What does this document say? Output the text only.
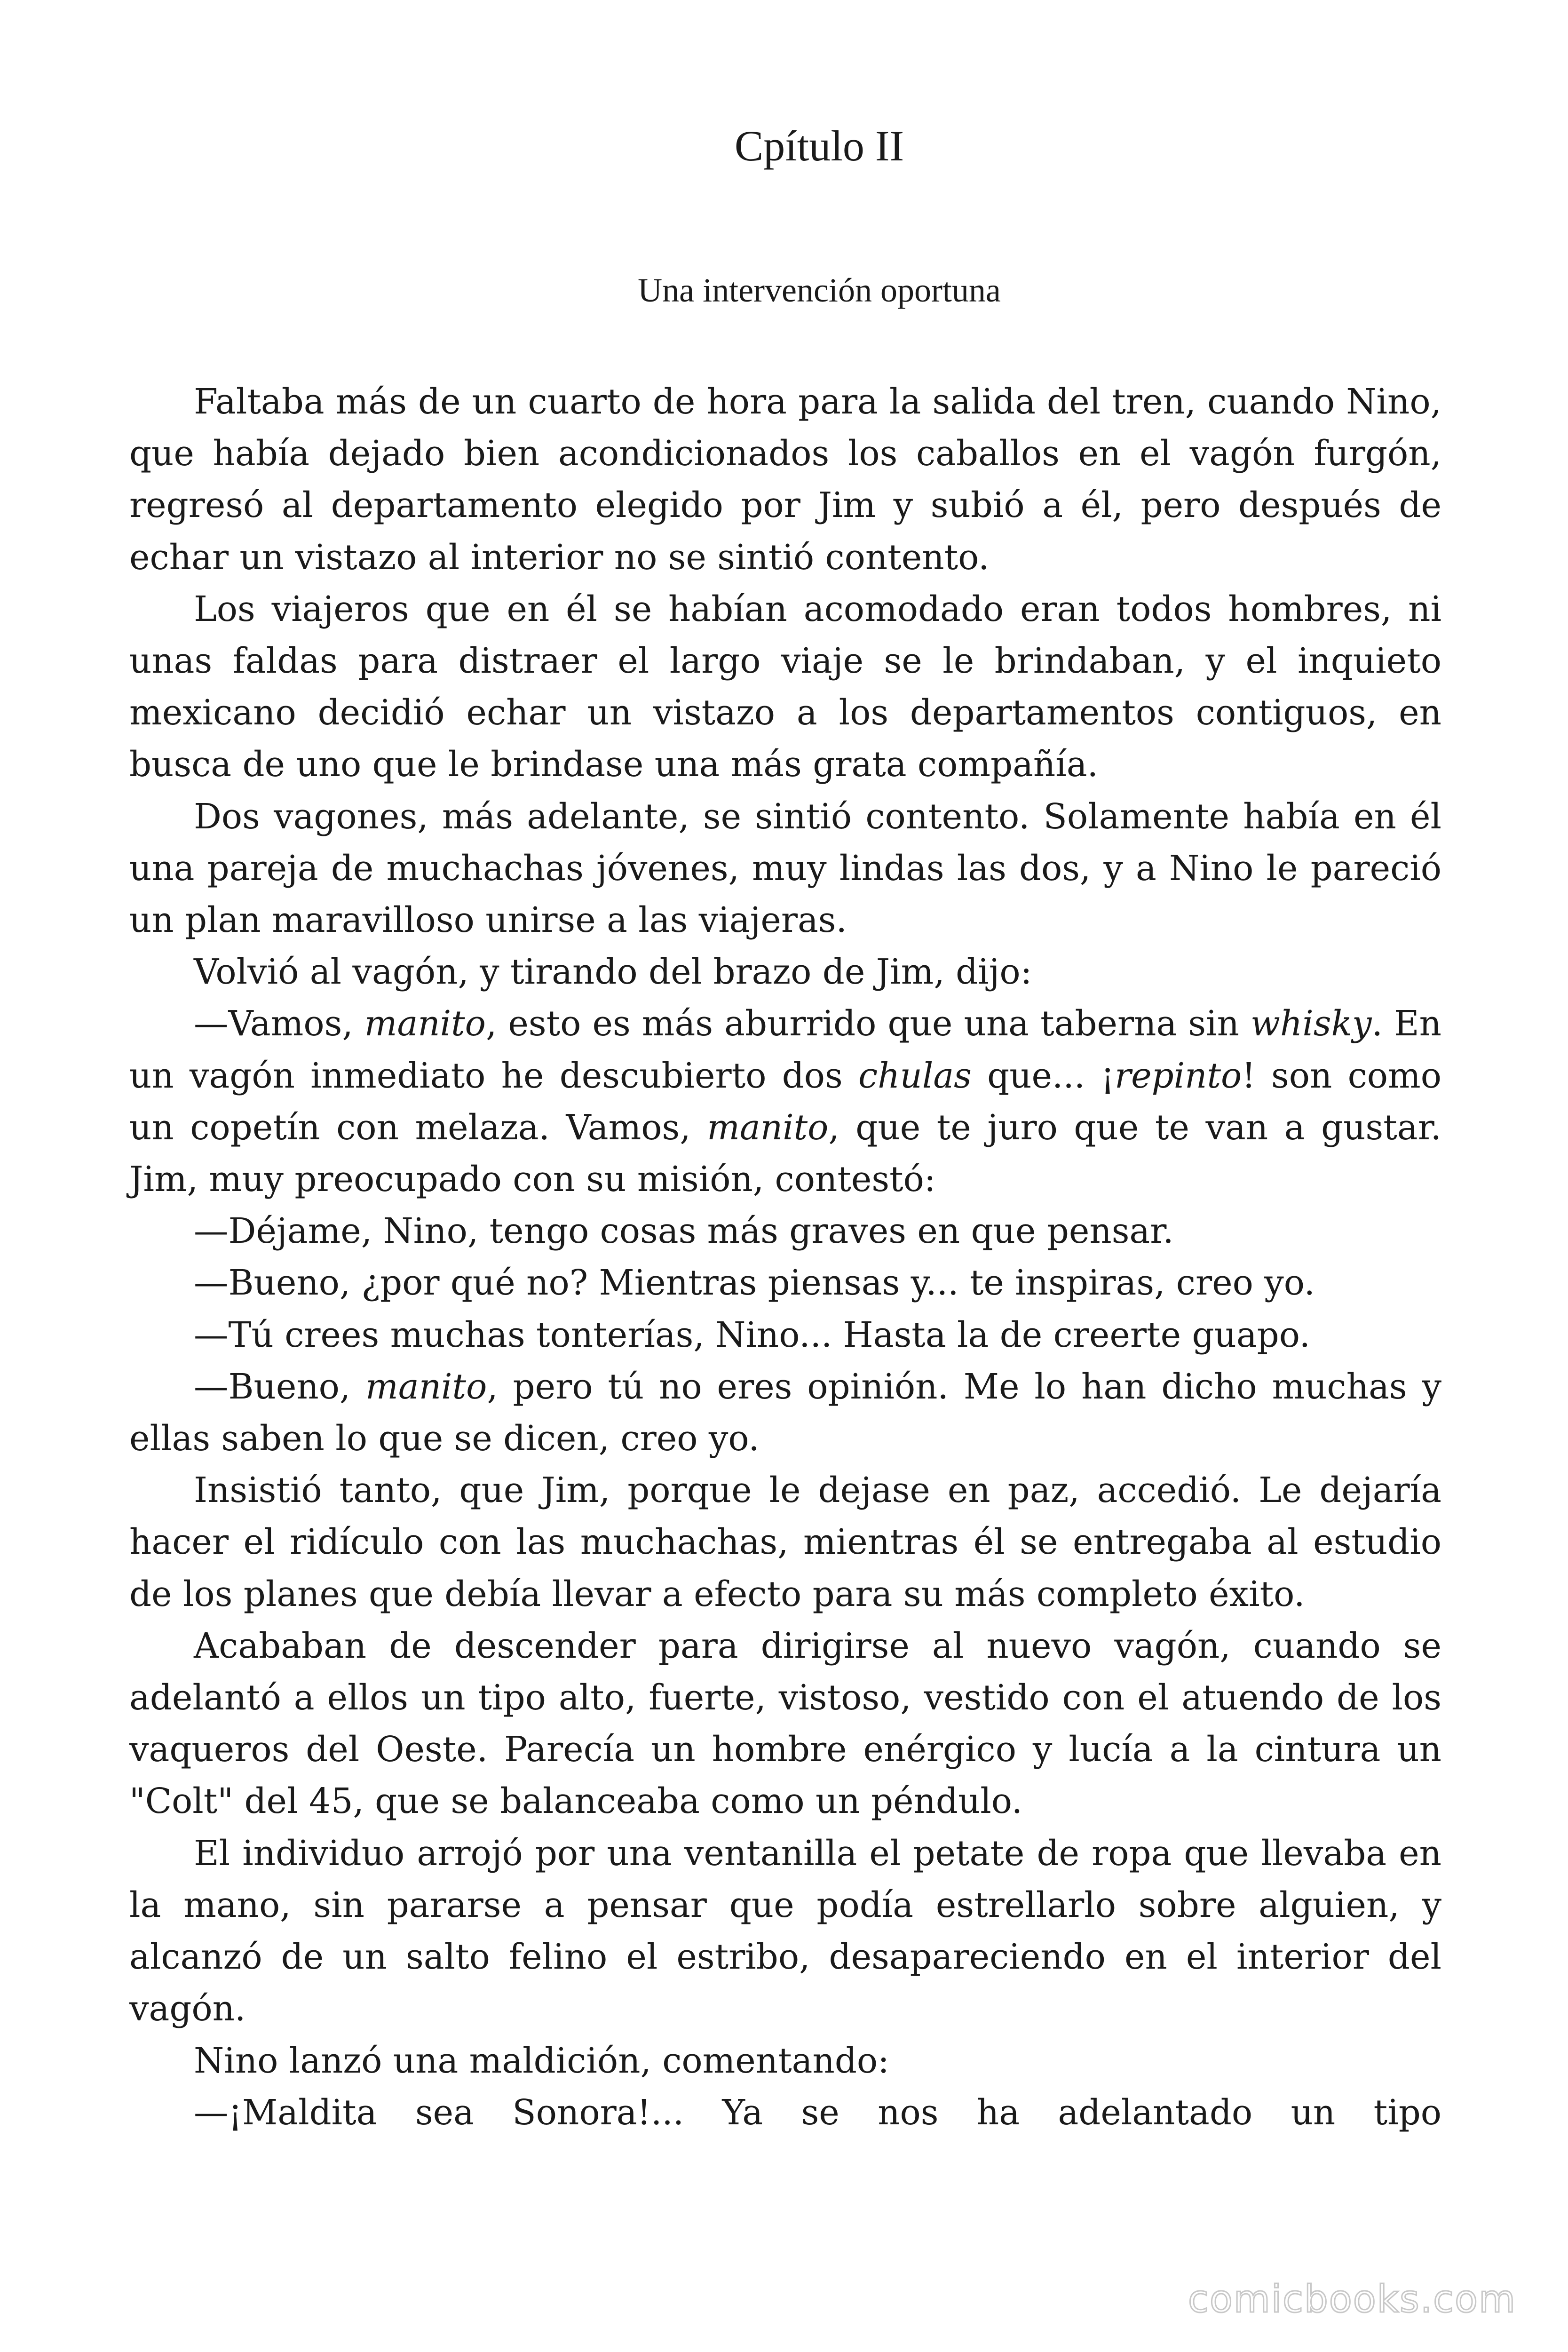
Cpítulo II
Una intervención oportuna

Faltaba más de un cuarto de hora para la salida del tren, cuando Nino, que había dejado bien acondicionados los caballos en el vagón furgón, regresó al departamento elegido por Jim y subió a él, pero después de echar un vistazo al interior no se sintió contento.

Los viajeros que en él se habían acomodado eran todos hombres, ni unas faldas para distraer el largo viaje se le brindaban, y el inquieto mexicano decidió echar un vistazo a los departamentos contiguos, en busca de uno que le brindase una más grata compañía.

Dos vagones, más adelante, se sintió contento. Solamente había en él una pareja de muchachas jóvenes, muy lindas las dos, y a Nino le pareció un plan maravilloso unirse a las viajeras.

Volvió al vagón, y tirando del brazo de Jim, dijo:

—Vamos, manito, esto es más aburrido que una taberna sin whisky. En un vagón inmediato he descubierto dos chulas que... ¡repinto! son como un copetín con melaza. Vamos, manito, que te juro que te van a gustar. Jim, muy preocupado con su misión, contestó:

—Déjame, Nino, tengo cosas más graves en que pensar.

—Bueno, ¿por qué no? Mientras piensas y... te inspiras, creo yo.

—Tú crees muchas tonterías, Nino... Hasta la de creerte guapo.

—Bueno, manito, pero tú no eres opinión. Me lo han dicho muchas y ellas saben lo que se dicen, creo yo.

Insistió tanto, que Jim, porque le dejase en paz, accedió. Le dejaría hacer el ridículo con las muchachas, mientras él se entregaba al estudio de los planes que debía llevar a efecto para su más completo éxito.

Acababan de descender para dirigirse al nuevo vagón, cuando se adelantó a ellos un tipo alto, fuerte, vistoso, vestido con el atuendo de los vaqueros del Oeste. Parecía un hombre enérgico y lucía a la cintura un "Colt" del 45, que se balanceaba como un péndulo.

El individuo arrojó por una ventanilla el petate de ropa que llevaba en la mano, sin pararse a pensar que podía estrellarlo sobre alguien, y alcanzó de un salto felino el estribo, desapareciendo en el interior del vagón.

Nino lanzó una maldición, comentando:

—¡Maldita sea Sonora!... Ya se nos ha adelantado un tipo

comicbooks.com
